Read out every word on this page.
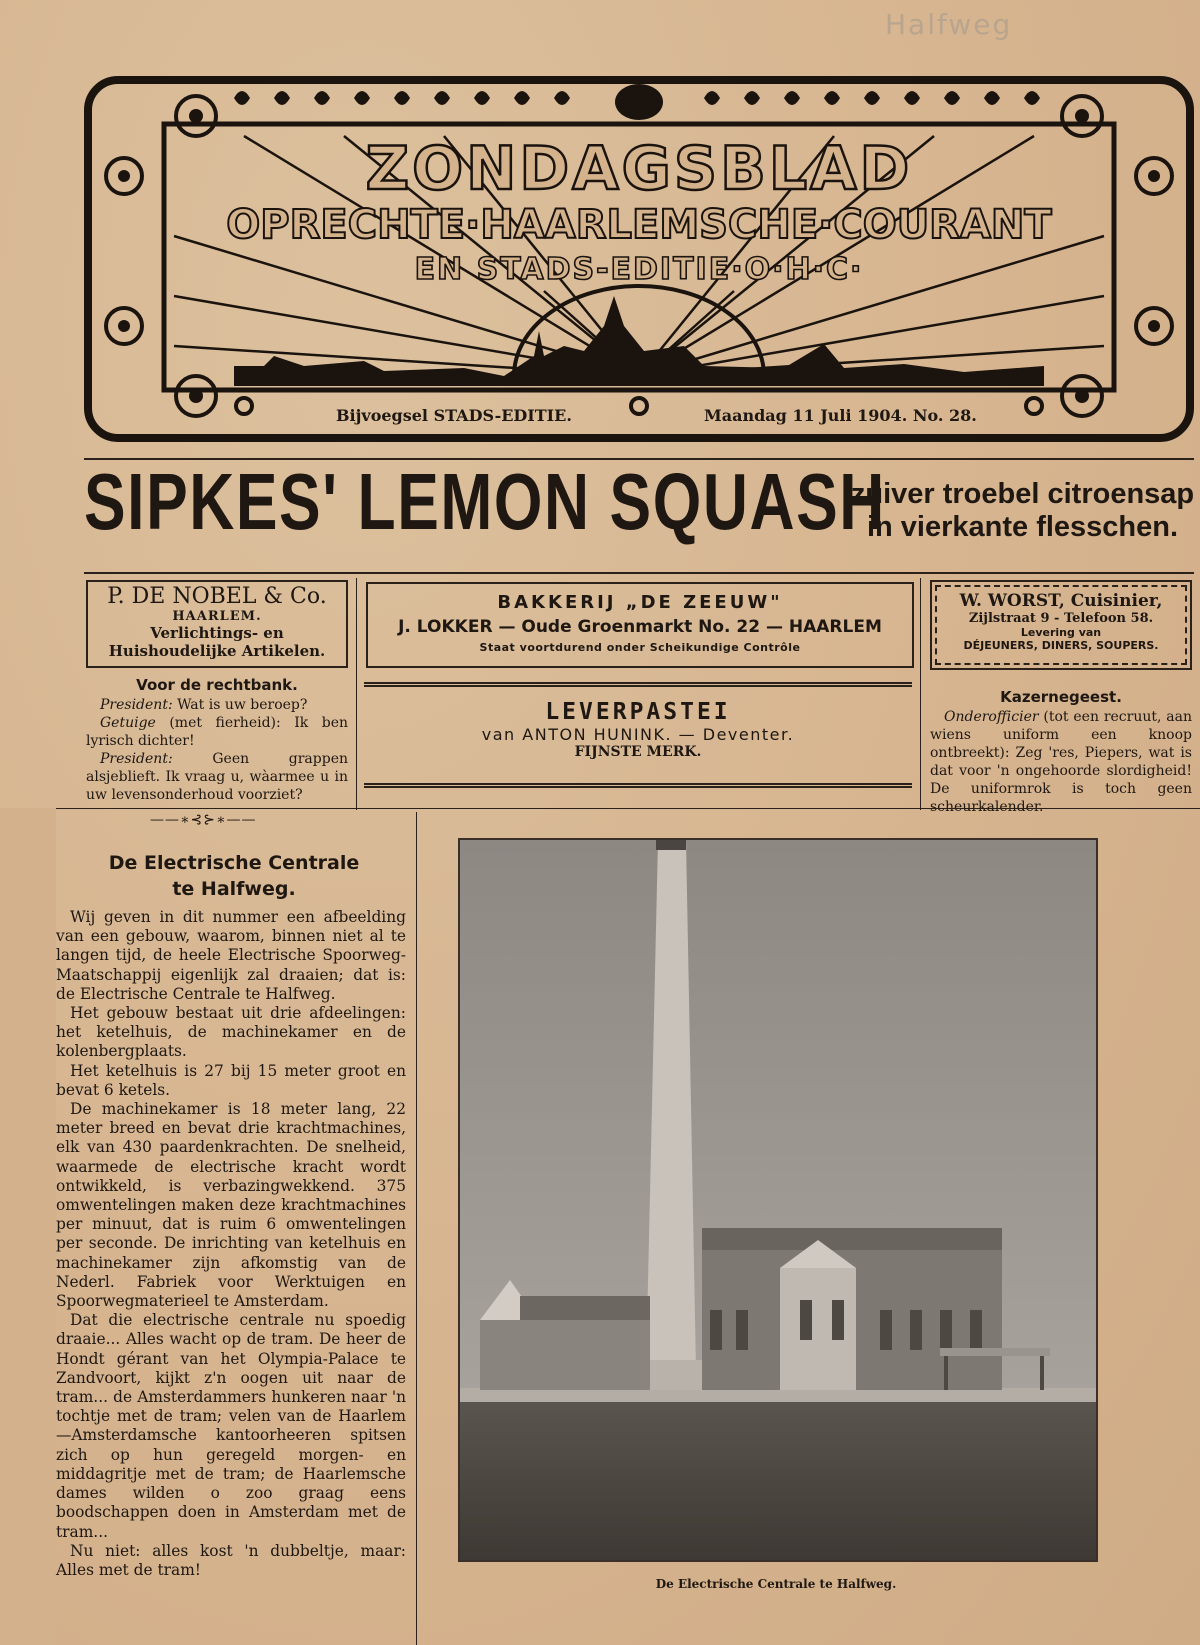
Halfweg
ZONDAGSBLAD
OPRECHTE·HAARLEMSCHE·COURANT
EN STADS-EDITIE·O·H·C·
Bijvoegsel STADS-EDITIE.	Maandag 11 Juli 1904. No. 28.
SIPKES' LEMON SQUASH
zuiver troebel citroensap
in vierkante flesschen.
P. DE NOBEL & Co.
HAARLEM.
Verlichtings- en
Huishoudelijke Artikelen.
BAKKERIJ „DE ZEEUW"
J. LOKKER — Oude Groenmarkt No. 22 — HAARLEM
Staat voortdurend onder Scheikundige Contrôle
W. WORST, Cuisinier,
Zijlstraat 9 - Telefoon 58.
Levering van
DÉJEUNERS, DINERS, SOUPERS.
LEVERPASTEI
van ANTON HUNINK. — Deventer.
FIJNSTE MERK.
Voor de rechtbank.

President: Wat is uw beroep?

Getuige (met fierheid): Ik ben lyrisch dichter!

President:	Geen grappen alsjeblieft. Ik vraag u, wàarmee u in uw levensonderhoud voorziet?

Kazernegeest.

Onderofficier (tot een recruut, aan wiens uniform een knoop ontbreekt): Zeg 'res, Piepers, wat is dat voor 'n ongehoorde slordigheid! De uniformrok is toch geen scheurkalender.

——∗⊰⊱∗——
De Electrische Centrale
te Halfweg.

Wij geven in dit nummer een afbeelding van een gebouw, waarom, binnen niet al te langen tijd, de heele Electrische Spoorweg-Maatschappij eigenlijk zal draaien; dat is: de Electrische Centrale te Halfweg.

Het gebouw bestaat uit drie afdeelingen: het ketelhuis, de machinekamer en de kolenbergplaats.

Het ketelhuis is 27 bij 15 meter groot en bevat 6 ketels.

De machinekamer is 18 meter lang, 22 meter breed en bevat drie krachtmachines, elk van 430 paardenkrachten. De snelheid, waarmede de electrische kracht wordt ontwikkeld, is verbazingwekkend. 375 omwentelingen maken deze krachtmachines per minuut, dat is ruim 6 omwentelingen per seconde. De inrichting van ketelhuis en machinekamer zijn afkomstig van de Nederl. Fabriek voor Werktuigen en Spoorwegmaterieel te Amsterdam.

Dat die electrische centrale nu spoedig draaie... Alles wacht op de tram. De heer de Hondt gérant van het Olympia-Palace te Zandvoort, kijkt z'n oogen uit naar de tram... de Amsterdammers hunkeren naar 'n tochtje met de tram; velen van de Haarlem—Amsterdamsche kantoorheeren spitsen zich op hun geregeld morgen- en middagritje met de tram; de Haarlemsche dames wilden o zoo graag eens boodschappen doen in Amsterdam met de tram...

Nu niet: alles kost 'n dubbeltje, maar: Alles met de tram!

De Electrische Centrale te Halfweg.
